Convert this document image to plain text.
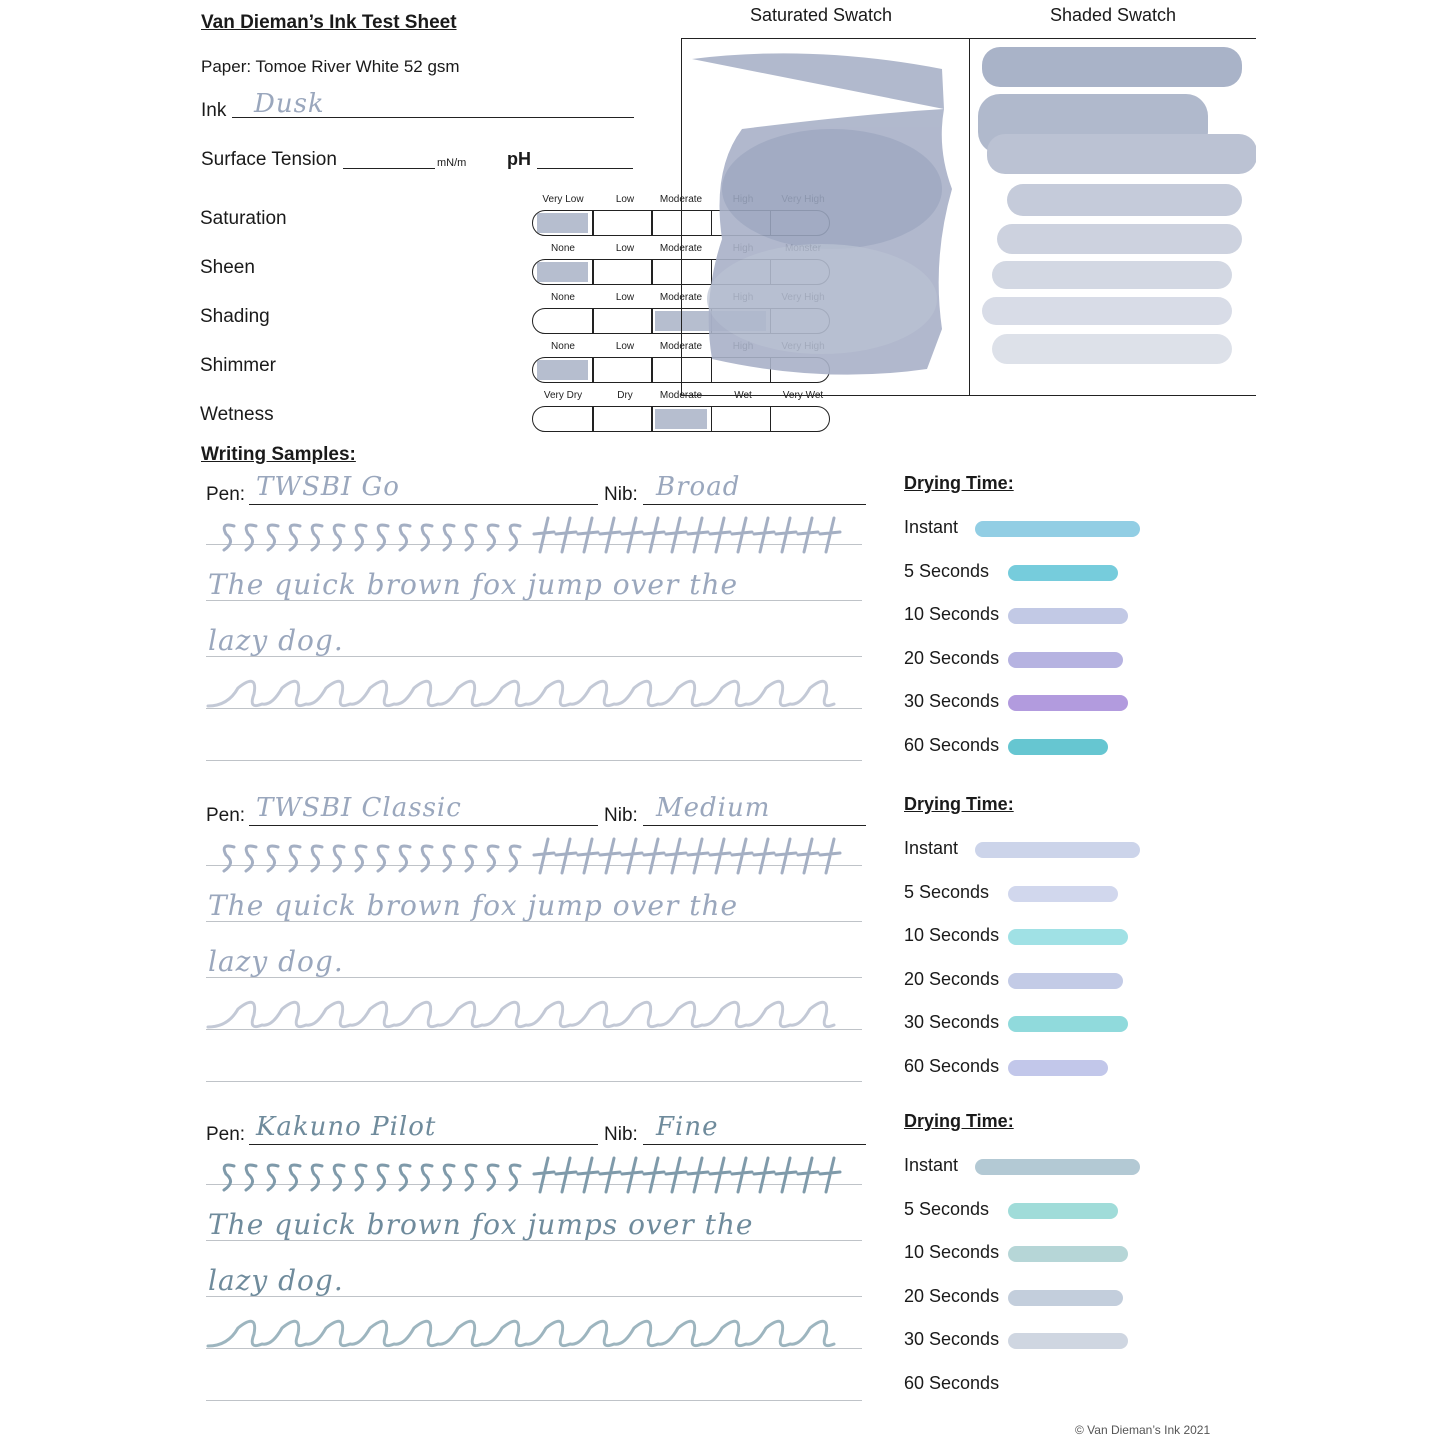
Van Dieman’s Ink Test Sheet
Paper: Tomoe River White 52 gsm
Ink Dusk
Surface Tension	mN/m pH
Saturation
Very Low	Low	Moderate
Sheen
None	Low	Moderate
Shading
None	Low	Moderate
Shimmer
None	Low	Moderate
Wetness
Very Dry	Dry	Moderate	Wet	Very Wet
Saturated Swatch	Shaded Swatch
Writing Samples:
Pen: TWSBI Go	Nib: Broad
The quick brown fox jump over the
lazy dog.
Pen: TWSBI Classic	Nib: Medium
The quick brown fox jump over the
lazy dog.
Pen: Kakuno Pilot	Nib: Fine
The quick brown fox jumps over the
lazy dog.
Drying Time:
Instant
5 Seconds
10 Seconds
20 Seconds
30 Seconds
60 Seconds
Drying Time:
Instant
5 Seconds
10 Seconds
20 Seconds
30 Seconds
60 Seconds
Drying Time:
Instant
5 Seconds
10 Seconds
20 Seconds
30 Seconds
60 Seconds
© Van Dieman’s Ink 2021
